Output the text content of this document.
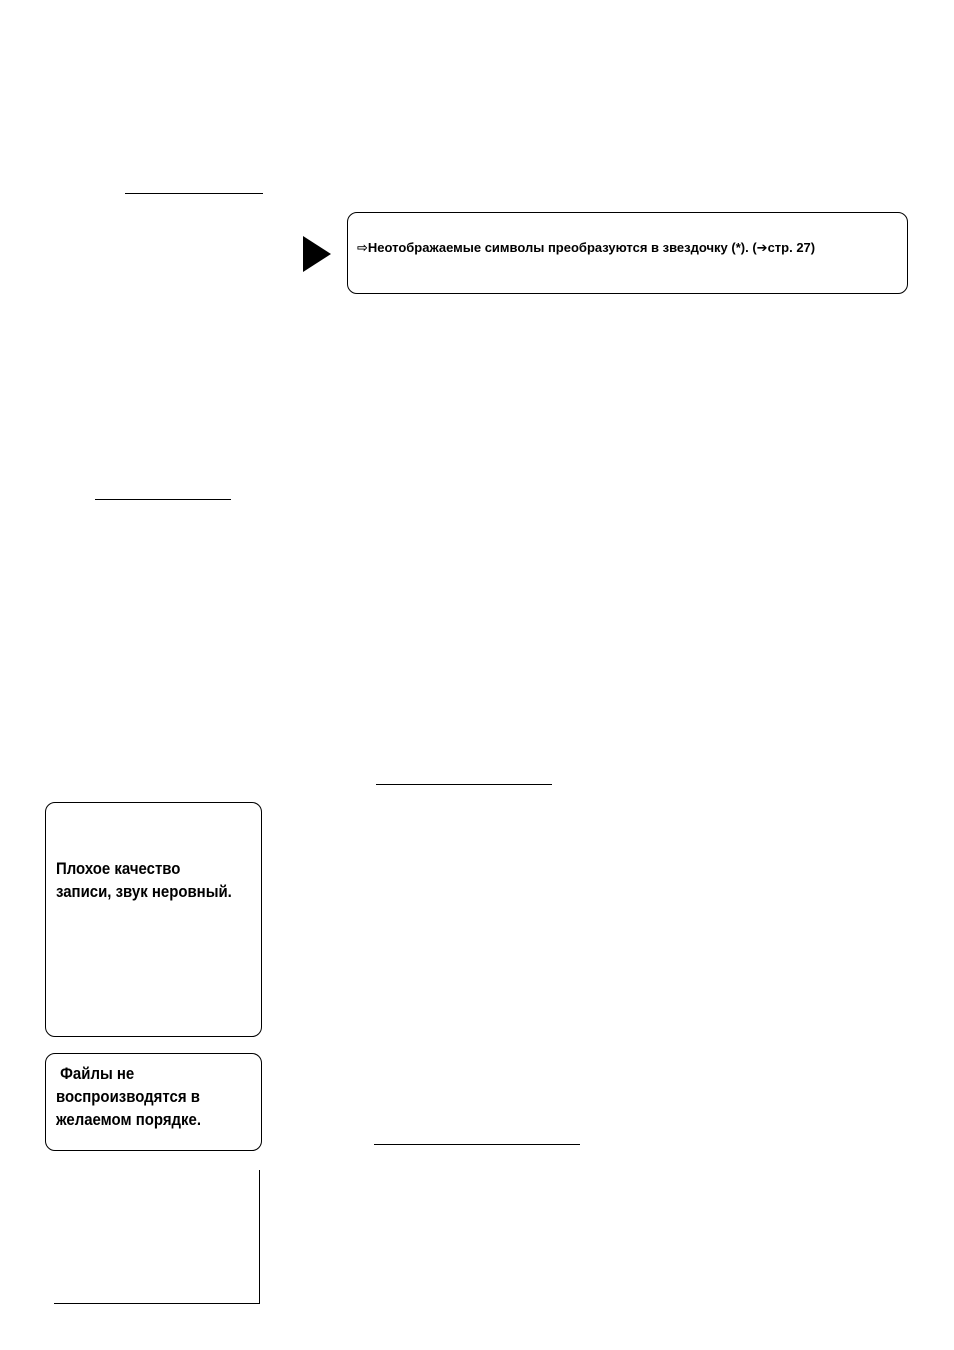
⇨Неотображаемые символы преобразуются в звездочку (*). (➔стр. 27)
Плохое качество
записи, звук неровный.
Файлы не
воспроизводятся в
желаемом порядке.
